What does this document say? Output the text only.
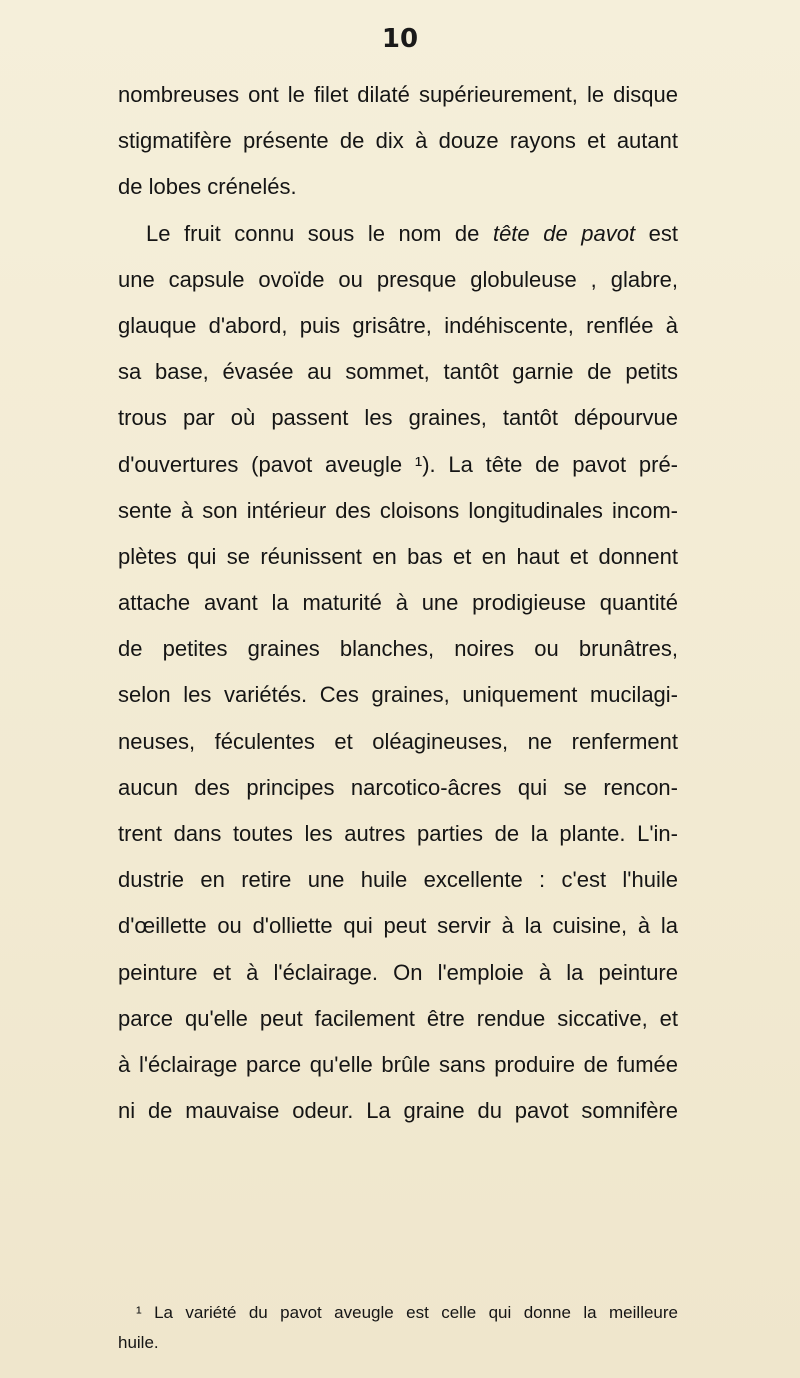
10
nombreuses ont le filet dilaté supérieurement, le disque
stigmatifère présente de dix à douze rayons et autant
de lobes crénelés.
Le fruit connu sous le nom de tête de pavot est
une capsule ovoïde ou presque globuleuse , glabre,
glauque d'abord, puis grisâtre, indéhiscente, renflée à
sa base, évasée au sommet, tantôt garnie de petits
trous par où passent les graines, tantôt dépourvue
d'ouvertures (pavot aveugle ¹). La tête de pavot pré-
sente à son intérieur des cloisons longitudinales incom-
plètes qui se réunissent en bas et en haut et donnent
attache avant la maturité à une prodigieuse quantité
de petites graines blanches, noires ou brunâtres,
selon les variétés. Ces graines, uniquement mucilagi-
neuses, féculentes et oléagineuses, ne renferment
aucun des principes narcotico-âcres qui se rencon-
trent dans toutes les autres parties de la plante. L'in-
dustrie en retire une huile excellente : c'est l'huile
d'œillette ou d'olliette qui peut servir à la cuisine, à la
peinture et à l'éclairage. On l'emploie à la peinture
parce qu'elle peut facilement être rendue siccative, et
à l'éclairage parce qu'elle brûle sans produire de fumée
ni de mauvaise odeur. La graine du pavot somnifère
¹ La variété du pavot aveugle est celle qui donne la meilleure
huile.
